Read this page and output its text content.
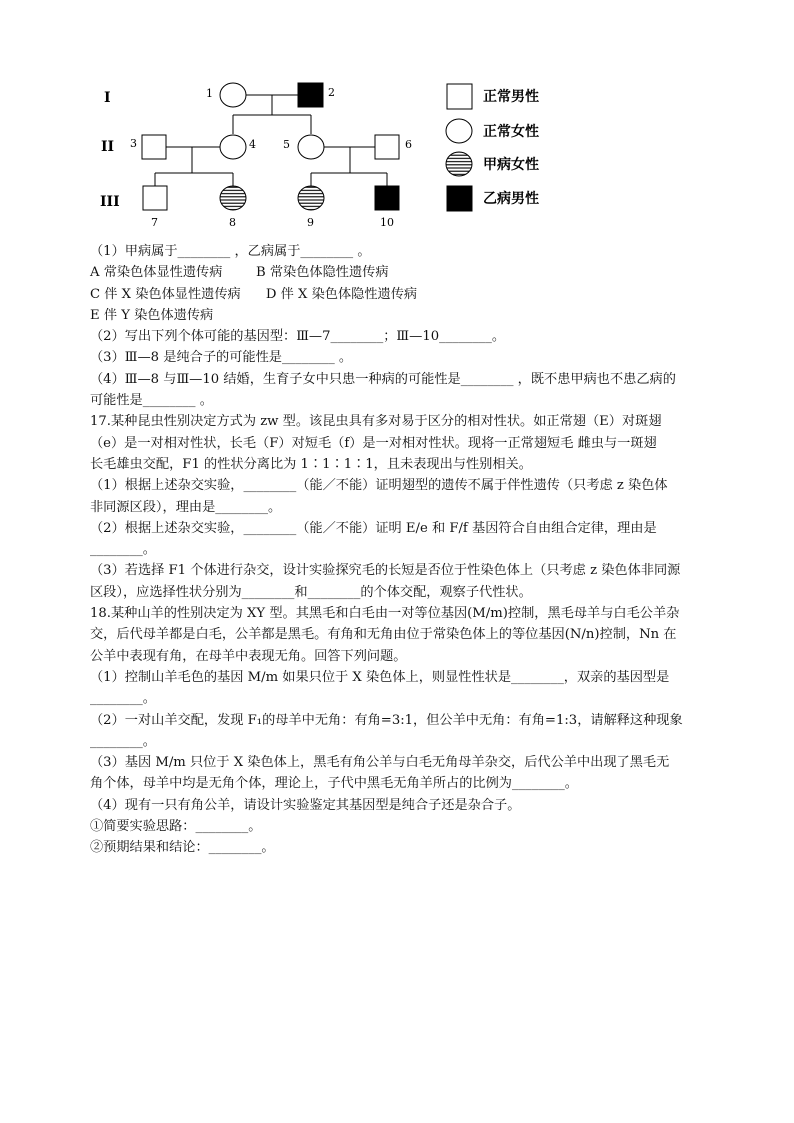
I
II
III
1	2
3	4 5	6
7	8	9	10
正常男性
正常女性
甲病女性
乙病男性

（1）甲病属于________ ，乙病属于________ 。

A 常染色体显性遗传病        B 常染色体隐性遗传病

C 伴 X 染色体显性遗传病      D 伴 X 染色体隐性遗传病

E 伴 Y 染色体遗传病

（2）写出下列个体可能的基因型：Ⅲ—7________；Ⅲ—10________。

（3）Ⅲ—8 是纯合子的可能性是________ 。

（4）Ⅲ—8 与Ⅲ—10 结婚，生育子女中只患一种病的可能性是________ ，既不患甲病也不患乙病的

可能性是________ 。

17.某种昆虫性别决定方式为 zw 型。该昆虫具有多对易于区分的相对性状。如正常翅（E）对斑翅

（e）是一对相对性状，长毛（F）对短毛（f）是一对相对性状。现将一正常翅短毛 雌虫与一斑翅

长毛雄虫交配，F1 的性状分离比为 1∶1∶1∶1，且未表现出与性别相关。

（1）根据上述杂交实验，________（能／不能）证明翅型的遗传不属于伴性遗传（只考虑 z 染色体

非同源区段），理由是________。

（2）根据上述杂交实验，________（能／不能）证明 E/e 和 F/f 基因符合自由组合定律，理由是

________。

（3）若选择 F1 个体进行杂交，设计实验探究毛的长短是否位于性染色体上（只考虑 z 染色体非同源

区段），应选择性状分别为________和________的个体交配，观察子代性状。

18.某种山羊的性别决定为 XY 型。其黑毛和白毛由一对等位基因(M/m)控制，黑毛母羊与白毛公羊杂

交，后代母羊都是白毛，公羊都是黑毛。有角和无角由位于常染色体上的等位基因(N/n)控制，Nn 在

公羊中表现有角，在母羊中表现无角。回答下列问题。

（1）控制山羊毛色的基因 M/m 如果只位于 X 染色体上，则显性性状是________，双亲的基因型是

________。

（2）一对山羊交配，发现 F₁的母羊中无角：有角=3:1，但公羊中无角：有角=1:3，请解释这种现象

________。

（3）基因 M/m 只位于 X 染色体上，黑毛有角公羊与白毛无角母羊杂交，后代公羊中出现了黑毛无

角个体，母羊中均是无角个体，理论上，子代中黑毛无角羊所占的比例为________。

（4）现有一只有角公羊，请设计实验鉴定其基因型是纯合子还是杂合子。

①简要实验思路：________。

②预期结果和结论：________。
